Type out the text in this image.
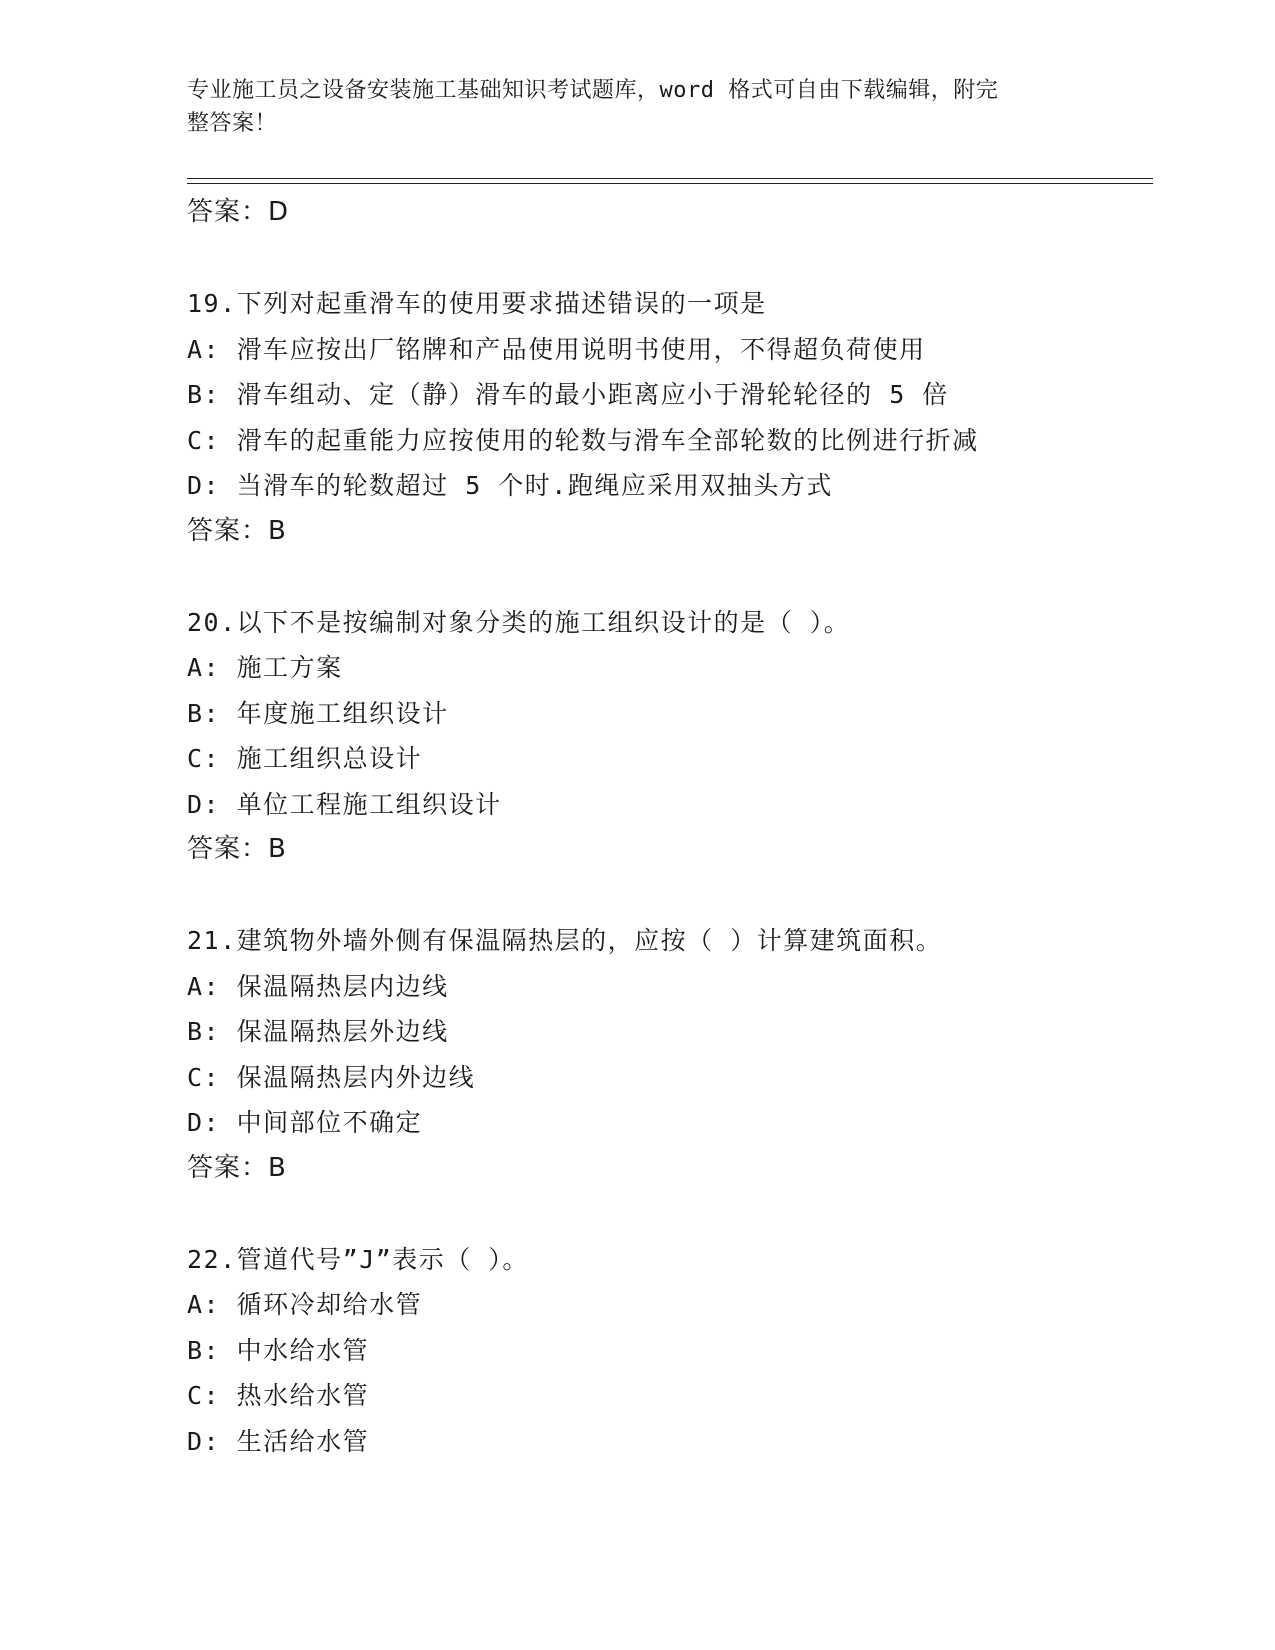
专业施工员之设备安装施工基础知识考试题库，word 格式可自由下载编辑，附完
整答案！
答案：D
19.下列对起重滑车的使用要求描述错误的一项是
A: 滑车应按出厂铭牌和产品使用说明书使用，不得超负荷使用
B: 滑车组动、定（静）滑车的最小距离应小于滑轮轮径的 5 倍
C: 滑车的起重能力应按使用的轮数与滑车全部轮数的比例进行折减
D: 当滑车的轮数超过 5 个时.跑绳应采用双抽头方式
答案：B
20.以下不是按编制对象分类的施工组织设计的是（ ）。
A: 施工方案
B: 年度施工组织设计
C: 施工组织总设计
D: 单位工程施工组织设计
答案：B
21.建筑物外墙外侧有保温隔热层的，应按（ ）计算建筑面积。
A: 保温隔热层内边线
B: 保温隔热层外边线
C: 保温隔热层内外边线
D: 中间部位不确定
答案：B
22.管道代号”J”表示（ ）。
A: 循环冷却给水管
B: 中水给水管
C: 热水给水管
D: 生活给水管
